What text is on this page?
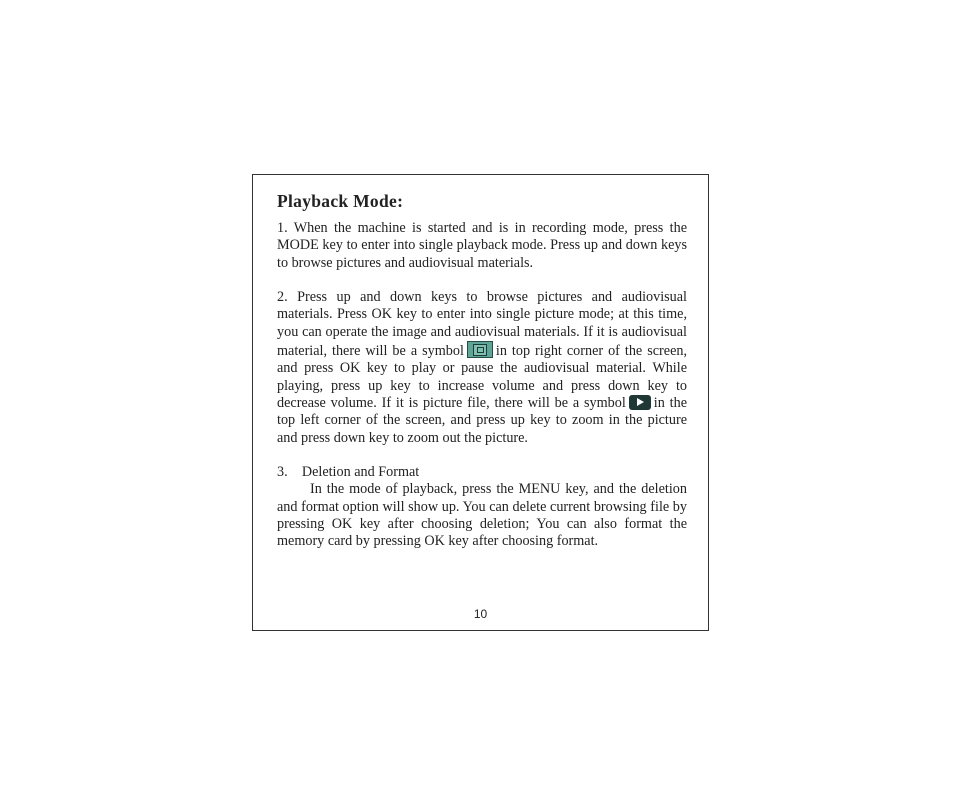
Playback Mode:

1. When the machine is started and is in recording mode, press the MODE key to enter into single playback mode. Press up and down keys to browse pictures and audiovisual materials.

2. Press up and down keys to browse pictures and audiovisual materials. Press OK key to enter into single picture mode; at this time, you can operate the image and audiovisual materials. If it is audiovisual material, there will be a symbol in top right corner of the screen, and press OK key to play or pause the audiovisual material. While playing, press up key to increase volume and press down key to decrease volume. If it is picture file, there will be a symbol in the top left corner of the screen, and press up key to zoom in the picture and press down key to zoom out the picture.

3.    Deletion and Format

In the mode of playback, press the MENU key, and the deletion and format option will show up. You can delete current browsing file by pressing OK key after choosing deletion; You can also format the memory card by pressing OK key after choosing format.

10
